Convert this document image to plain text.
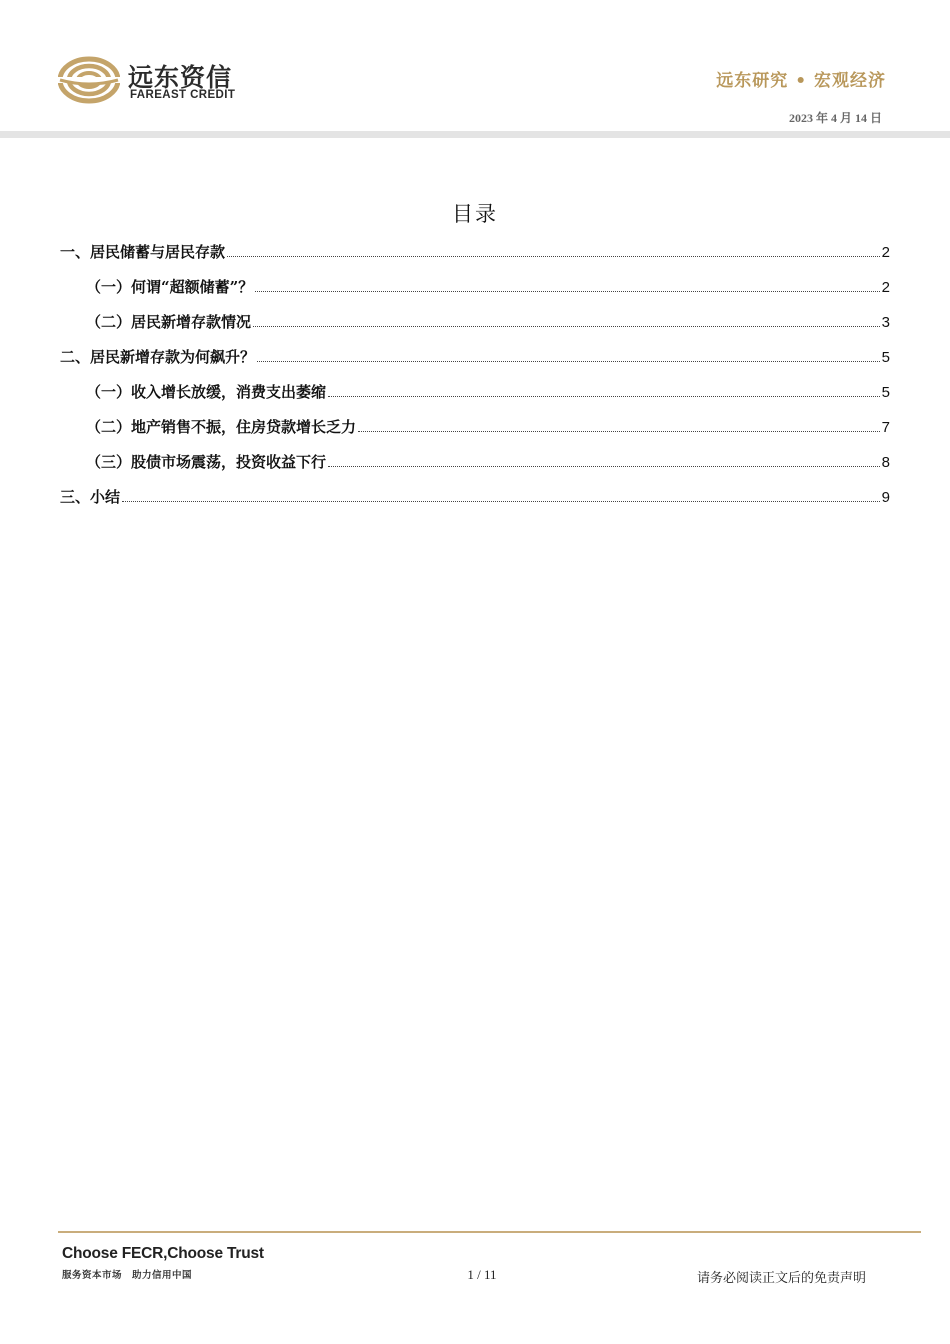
远东资信
FAREAST CREDIT
远东研究 • 宏观经济
2023 年 4 月 14 日
目录
一、居民储蓄与居民存款	2
（一）何谓“超额储蓄”？	2
（二）居民新增存款情况	3
二、居民新增存款为何飙升？	5
（一）收入增长放缓，消费支出萎缩	5
（二）地产销售不振，住房贷款增长乏力	7
（三）股债市场震荡，投资收益下行	8
三、小结	9
Choose FECR,Choose Trust
服务资本市场　助力信用中国	1 / 11	请务必阅读正文后的免责声明
